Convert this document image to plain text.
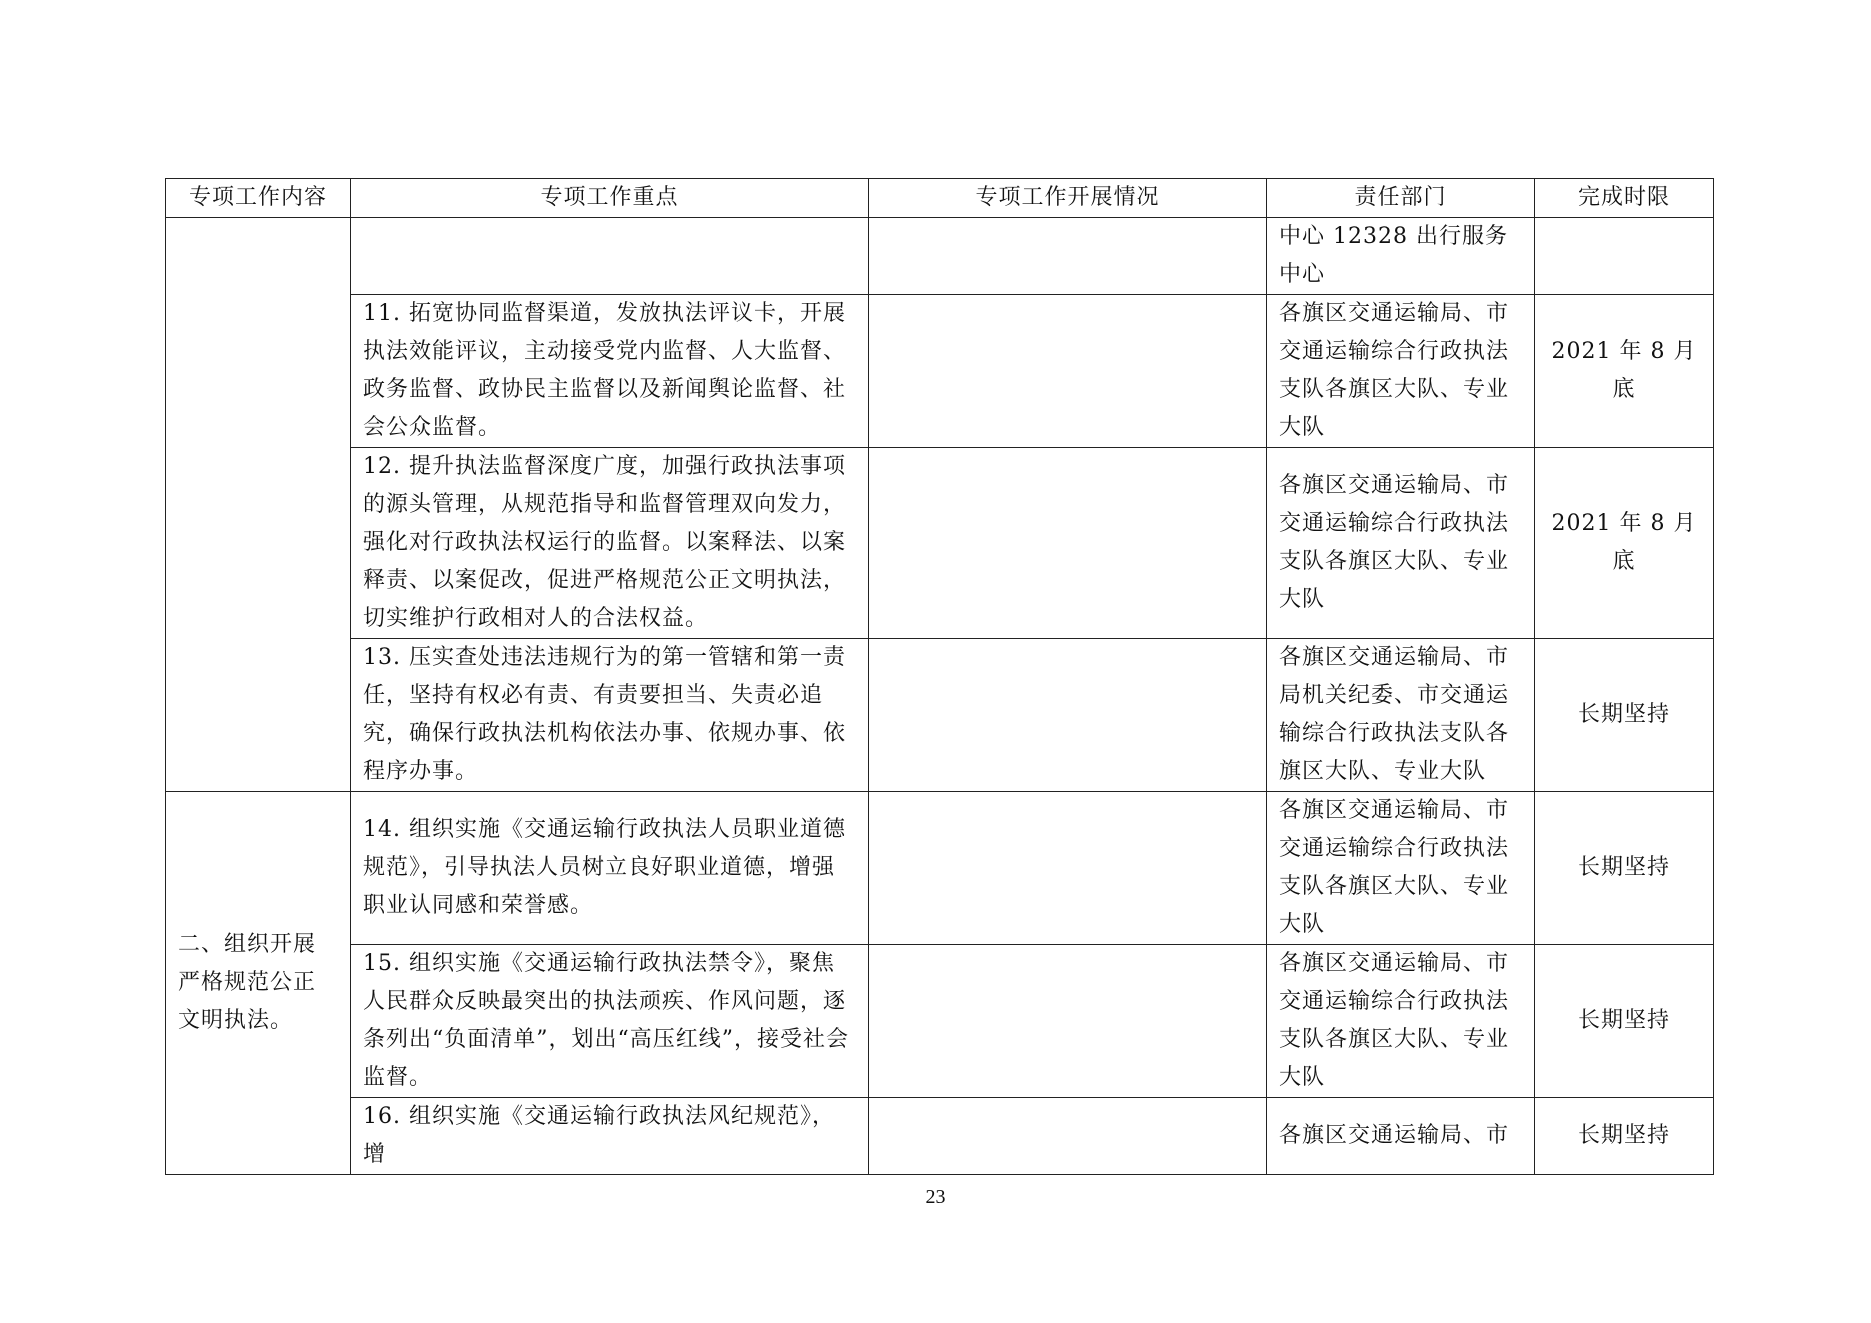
专项工作内容	专项工作重点	专项工作开展情况	责任部门	完成时限

			中心 12328 出行服务中心	

	11. 拓宽协同监督渠道，发放执法评议卡，开展执法效能评议，主动接受党内监督、人大监督、政务监督、政协民主监督以及新闻舆论监督、社会公众监督。		各旗区交通运输局、市交通运输综合行政执法支队各旗区大队、专业大队	2021 年 8 月底

	12. 提升执法监督深度广度，加强行政执法事项的源头管理，从规范指导和监督管理双向发力，强化对行政执法权运行的监督。以案释法、以案释责、以案促改，促进严格规范公正文明执法，切实维护行政相对人的合法权益。		各旗区交通运输局、市交通运输综合行政执法支队各旗区大队、专业大队	2021 年 8 月底

	13. 压实查处违法违规行为的第一管辖和第一责任，坚持有权必有责、有责要担当、失责必追究，确保行政执法机构依法办事、依规办事、依程序办事。		各旗区交通运输局、市局机关纪委、市交通运输综合行政执法支队各旗区大队、专业大队	长期坚持

二、组织开展严格规范公正文明执法。	14. 组织实施《交通运输行政执法人员职业道德规范》，引导执法人员树立良好职业道德，增强职业认同感和荣誉感。		各旗区交通运输局、市交通运输综合行政执法支队各旗区大队、专业大队	长期坚持

	15. 组织实施《交通运输行政执法禁令》，聚焦人民群众反映最突出的执法顽疾、作风问题，逐条列出“负面清单”，划出“高压红线”，接受社会监督。		各旗区交通运输局、市交通运输综合行政执法支队各旗区大队、专业大队	长期坚持

	16. 组织实施《交通运输行政执法风纪规范》，增		各旗区交通运输局、市	长期坚持
23
